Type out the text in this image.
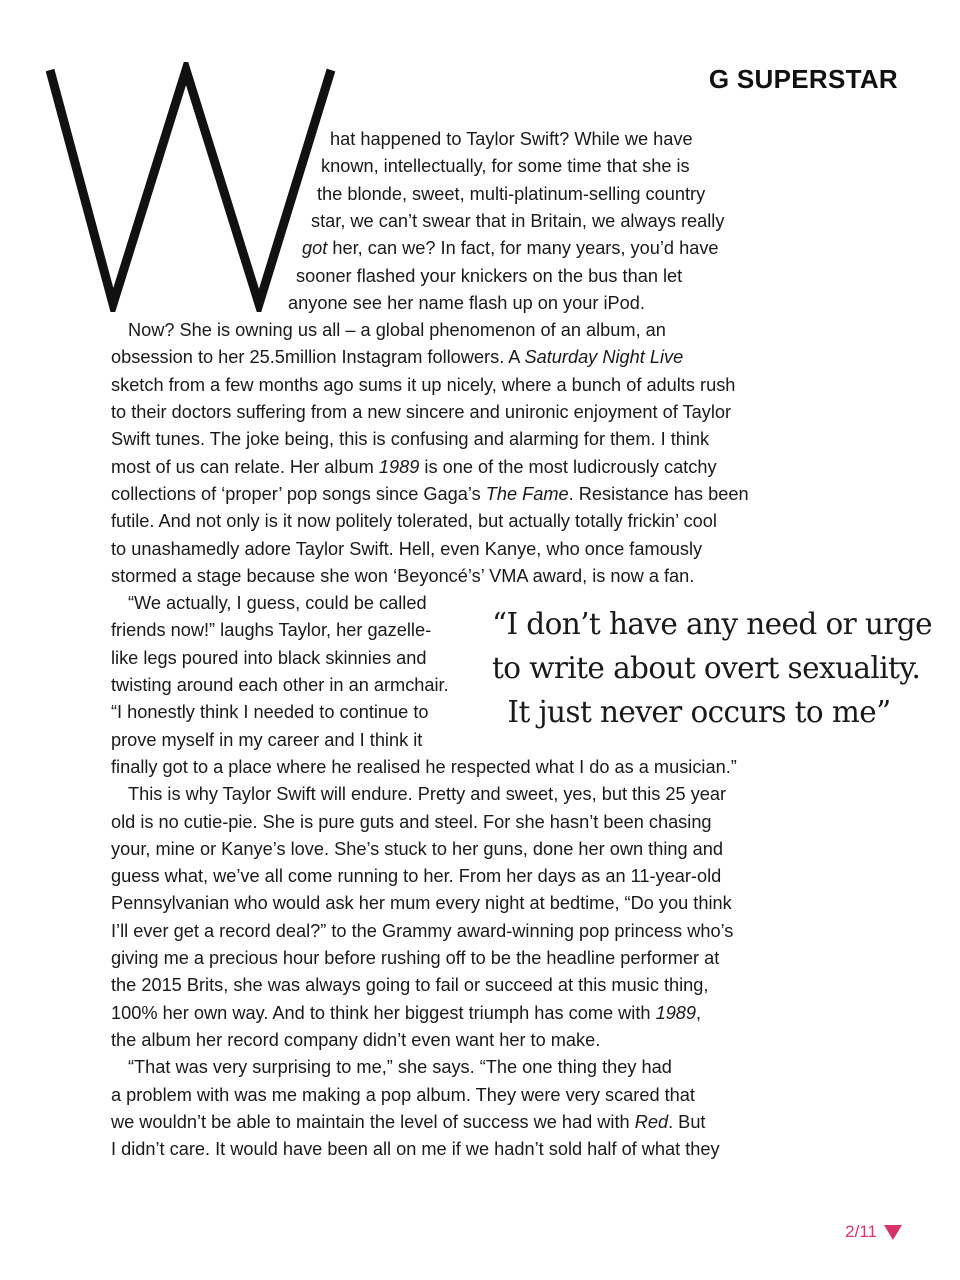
G SUPERSTAR
hat happened to Taylor Swift? While we have
known, intellectually, for some time that she is
the blonde, sweet, multi-platinum-selling country
star, we can’t swear that in Britain, we always really
got her, can we? In fact, for many years, you’d have
sooner flashed your knickers on the bus than let
anyone see her name flash up on your iPod.
Now? She is owning us all – a global phenomenon of an album, an
obsession to her 25.5million Instagram followers. A Saturday Night Live
sketch from a few months ago sums it up nicely, where a bunch of adults rush
to their doctors suffering from a new sincere and unironic enjoyment of Taylor
Swift tunes. The joke being, this is confusing and alarming for them. I think
most of us can relate. Her album 1989 is one of the most ludicrously catchy
collections of ‘proper’ pop songs since Gaga’s The Fame. Resistance has been
futile. And not only is it now politely tolerated, but actually totally frickin’ cool
to unashamedly adore Taylor Swift. Hell, even Kanye, who once famously
stormed a stage because she won ‘Beyoncé’s’ VMA award, is now a fan.
“We actually, I guess, could be called
friends now!” laughs Taylor, her gazelle-
like legs poured into black skinnies and
twisting around each other in an armchair.
“I honestly think I needed to continue to
prove myself in my career and I think it
finally got to a place where he realised he respected what I do as a musician.”
This is why Taylor Swift will endure. Pretty and sweet, yes, but this 25 year
old is no cutie-pie. She is pure guts and steel. For she hasn’t been chasing
your, mine or Kanye’s love. She’s stuck to her guns, done her own thing and
guess what, we’ve all come running to her. From her days as an 11-year-old
Pennsylvanian who would ask her mum every night at bedtime, “Do you think
I’ll ever get a record deal?” to the Grammy award-winning pop princess who’s
giving me a precious hour before rushing off to be the headline performer at
the 2015 Brits, she was always going to fail or succeed at this music thing,
100% her own way. And to think her biggest triumph has come with 1989,
the album her record company didn’t even want her to make.
“That was very surprising to me,” she says. “The one thing they had
a problem with was me making a pop album. They were very scared that
we wouldn’t be able to maintain the level of success we had with Red. But
I didn’t care. It would have been all on me if we hadn’t sold half of what they
“I don’t have any need or urge
to write about overt sexuality.
It just never occurs to me”
2/11
